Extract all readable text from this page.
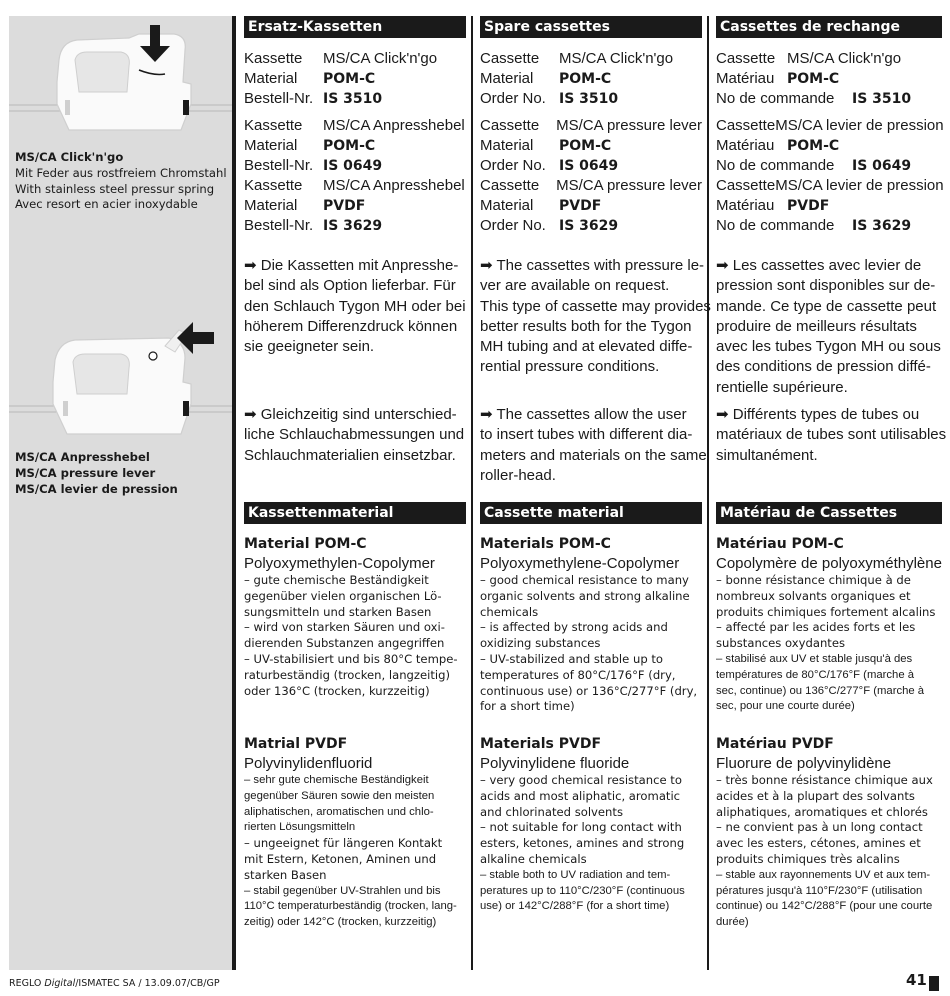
MS/CA Click'n'go
Mit Feder aus rostfreiem Chromstahl
With stainless steel pressur spring
Avec resort en acier inoxydable
MS/CA Anpresshebel
MS/CA pressure lever
MS/CA levier de pression
Ersatz-Kassetten
Kassette	MS/CA Click'n'go
Material	POM-C
Bestell-Nr. IS 3510
Kassette	MS/CA Anpresshebel
Material	POM-C
Bestell-Nr. IS 0649
Kassette	MS/CA Anpresshebel
Material	PVDF
Bestell-Nr. IS 3629
➡ Die Kassetten mit Anpresshe-
bel sind als Option lieferbar. Für
den Schlauch Tygon MH oder bei
höherem Differenzdruck können
sie geeigneter sein.
➡ Gleichzeitig sind unterschied-
liche Schlauchabmessungen und
Schlauchmaterialien einsetzbar.
Kassettenmaterial
Material POM-C
Polyoxymethylen-Copolymer
– gute chemische Beständigkeit
gegenüber vielen organischen Lö-
sungsmitteln und starken Basen
– wird von starken Säuren und oxi-
dierenden Substanzen angegriffen
– UV-stabilisiert und bis 80°C tempe-
raturbeständig (trocken, langzeitig)
oder 136°C (trocken, kurzzeitig)
Matrial PVDF
Polyvinylidenfluorid
– sehr gute chemische Beständigkeit
gegenüber Säuren sowie den meisten
aliphatischen, aromatischen und chlo-
rierten Lösungsmitteln
– ungeeignet für längeren Kontakt
mit Estern, Ketonen, Aminen und
starken Basen
– stabil gegenüber UV-Strahlen und bis
110°C temperaturbeständig (trocken, lang-
zeitig) oder 142°C (trocken, kurzzeitig)
Spare cassettes
Cassette	MS/CA Click'n'go
Material	POM-C
Order No. IS 3510
Cassette	MS/CA pressure lever
Material	POM-C
Order No. IS 0649
Cassette	MS/CA pressure lever
Material	PVDF
Order No. IS 3629
➡ The cassettes with pressure le-
ver are available on request.
This type of cassette may provides
better results both for the Tygon
MH tubing and at elevated diffe-
rential pressure conditions.
➡ The cassettes allow the user
to insert tubes with different dia-
meters and materials on the same
roller-head.
Cassette material
Materials POM-C
Polyoxymethylene-Copolymer
– good chemical resistance to many
organic solvents and strong alkaline
chemicals
– is affected by strong acids and
oxidizing substances
– UV-stabilized and stable up to
temperatures of 80°C/176°F (dry,
continuous use) or 136°C/277°F (dry,
for a short time)
Materials PVDF
Polyvinylidene fluoride
– very good chemical resistance to
acids and most aliphatic, aromatic
and chlorinated solvents
– not suitable for long contact with
esters, ketones, amines and strong
alkaline chemicals
– stable both to UV radiation and tem-
peratures up to 110°C/230°F (continuous
use) or 142°C/288°F (for a short time)
Cassettes de rechange
Cassette MS/CA Click'n'go
Matériau POM-C
No de commande	IS 3510
Cassette MS/CA levier de pression
Matériau POM-C
No de commande	IS 0649
Cassette MS/CA levier de pression
Matériau PVDF
No de commande	IS 3629
➡ Les cassettes avec levier de
pression sont disponibles sur de-
mande. Ce type de cassette peut
produire de meilleurs résultats
avec les tubes Tygon MH ou sous
des conditions de pression diffé-
rentielle supérieure.
➡ Différents types de tubes ou
matériaux de tubes sont utilisables
simultanément.
Matériau de Cassettes
Matériau POM-C
Copolymère de polyoxyméthylène
– bonne résistance chimique à de
nombreux solvants organiques et
produits chimiques fortement alcalins
– affecté par les acides forts et les
substances oxydantes
– stabilisé aux UV et stable jusqu'à des
températures de 80°C/176°F (marche à
sec, continue) ou 136°C/277°F (marche à
sec, pour une courte durée)
Matériau PVDF
Fluorure de polyvinylidène
– très bonne résistance chimique aux
acides et à la plupart des solvants
aliphatiques, aromatiques et chlorés
– ne convient pas à un long contact
avec les esters, cétones, amines et
produits chimiques très alcalins
– stable aux rayonnements UV et aux tem-
pératures jusqu'à 110°F/230°F (utilisation
continue) ou 142°C/288°F (pour une courte
durée)
REGLO Digital/ISMATEC SA / 13.09.07/CB/GP	41
